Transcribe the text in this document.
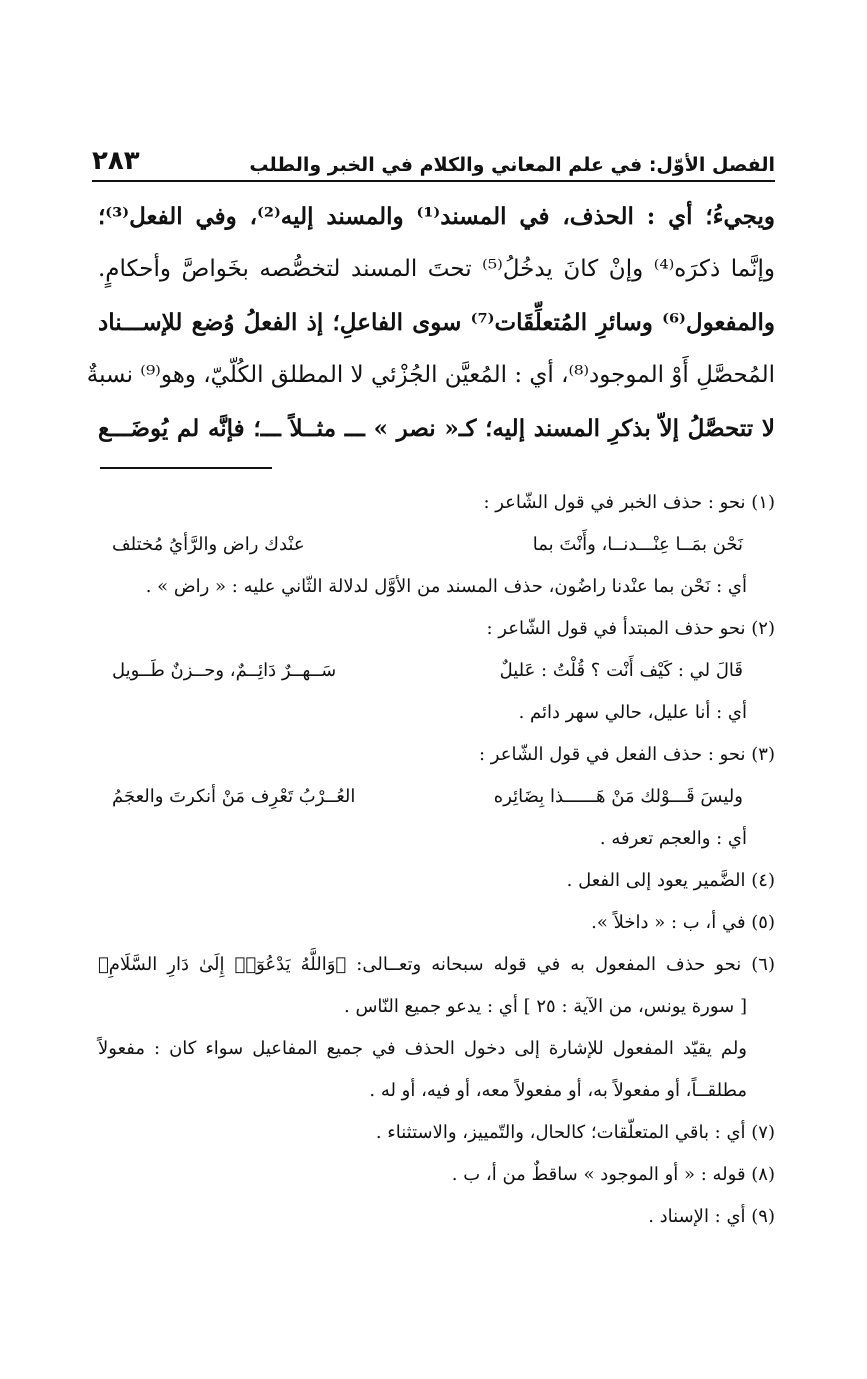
الفصل الأوّل: في علم المعاني والكلام في الخبر والطلب
٢٨٣
ويجيءُ؛ أي : الحذف، في المسند⁽¹⁾ والمسند إليه⁽²⁾، وفي الفعل⁽³⁾؛
وإنَّما ذكرَه⁽⁴⁾ وإنْ كانَ يدخُلُ⁽⁵⁾ تحتَ المسند لتخصُّصه بخَواصَّ وأحكامٍ.
والمفعول⁽⁶⁾ وسائرِ المُتعلِّقَات⁽⁷⁾ سوى الفاعلِ؛ إذ الفعلُ وُضع للإســـناد
المُحصَّلِ أَوْ الموجود⁽⁸⁾، أي : المُعيَّن الجُزْئي لا المطلق الكُلّيّ، وهو⁽⁹⁾ نسبةٌ
لا تتحصَّلُ إلاّ بذكرِ المسند إليه؛ كـ« نصر » ـــ مثــلاً ـــ؛ فإنَّه لم يُوضَـــع
(١) نحو : حذف الخبر في قول الشّاعر :
نَحْن بمَــا عِنْـــدنــا، وأَنْتَ بما
عنْدك راض والرَّأيُ مُختلف
أي : نَحْن بما عنْدنا راضُون، حذف المسند من الأوَّل لدلالة الثّاني عليه : « راض » .
(٢) نحو حذف المبتدأ في قول الشّاعر :
قَالَ لي : كَيْف أَنْت ؟ قُلْتُ : عَليلٌ
سَــهــرٌ دَائِــمٌ، وحــزنٌ طَــويل
أي : أنا عليل، حالي سهر دائم .
(٣) نحو : حذف الفعل في قول الشّاعر :
وليسَ قَـــوْلك مَنْ هَــــــذا بِضَائِره
العُــرْبُ تَعْرِف مَنْ أنكرتَ والعجَمُ
أي : والعجم تعرفه .
(٤) الضَّمير يعود إلى الفعل .
(٥) في أ، ب : « داخلاً ».
(٦) نحو حذف المفعول به في قوله سبحانه وتعــالى: ﴿وَاللَّهُ يَدْعُوٓا۟ إِلَىٰ دَارِ السَّلَامِ﴾
[ سورة يونس، من الآية : ٢٥ ] أي : يدعو جميع النّاس .
ولم يقيّد المفعول للإشارة إلى دخول الحذف في جميع المفاعيل سواء كان : مفعولاً
مطلقــاً، أو مفعولاً به، أو مفعولاً معه، أو فيه، أو له .
(٧) أي : باقي المتعلّقات؛ كالحال، والتّمييز، والاستثناء .
(٨) قوله : « أو الموجود » ساقطٌ من أ، ب .
(٩) أي : الإسناد .
